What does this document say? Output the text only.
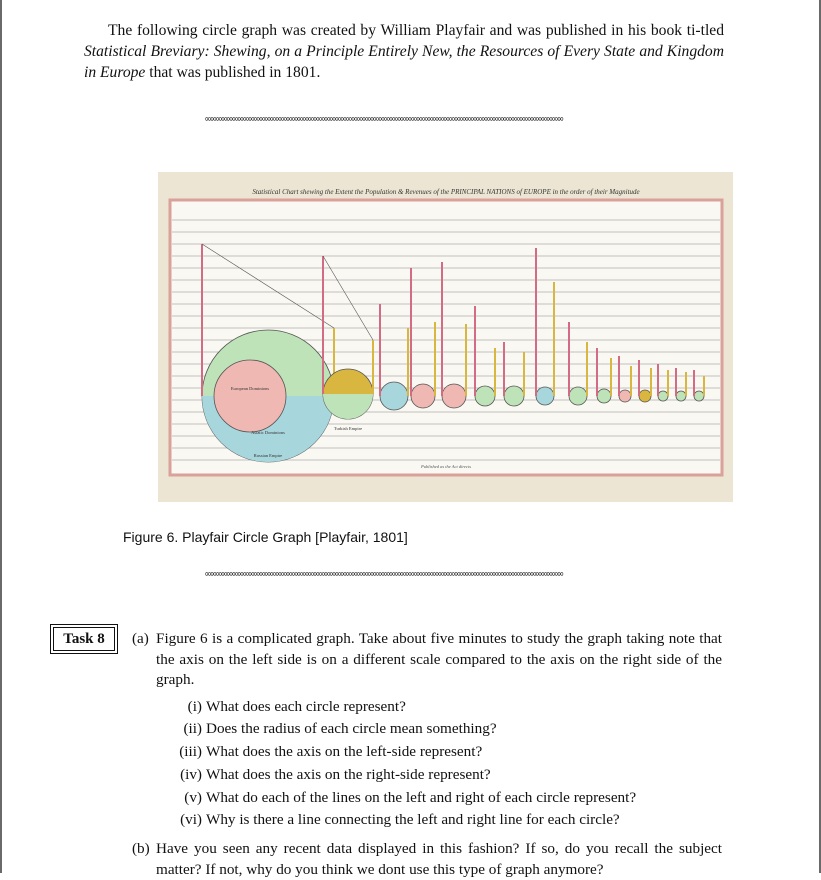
The following circle graph was created by William Playfair and was published in his book ti-tled Statistical Breviary: Shewing, on a Principle Entirely New, the Resources of Every State and Kingdom in Europe that was published in 1801.

∞∞∞∞∞∞∞∞∞∞∞∞∞∞∞∞∞∞∞∞∞∞∞∞∞∞∞∞∞∞∞∞∞∞∞∞∞∞∞∞∞∞∞∞∞∞∞∞∞∞∞∞∞∞∞∞∞∞∞∞∞∞∞∞∞∞
Statistical Chart shewing the Extent the Population & Revenues of the PRINCIPAL NATIONS of EUROPE in the order of their Magnitude
European Dominions
Asiatic Dominions
Russian Empire
Turkish Empire
Published as the Act directs
Figure 6. Playfair Circle Graph [Playfair, 1801]
∞∞∞∞∞∞∞∞∞∞∞∞∞∞∞∞∞∞∞∞∞∞∞∞∞∞∞∞∞∞∞∞∞∞∞∞∞∞∞∞∞∞∞∞∞∞∞∞∞∞∞∞∞∞∞∞∞∞∞∞∞∞∞∞∞∞
Task 8	(a) Figure 6 is a complicated graph. Take about five minutes to study the graph taking note that the axis on the left side is on a different scale compared to the axis on the right side of the graph.
(i) What does each circle represent?
(ii) Does the radius of each circle mean something?
(iii) What does the axis on the left-side represent?
(iv) What does the axis on the right-side represent?
(v) What do each of the lines on the left and right of each circle represent?
(vi) Why is there a line connecting the left and right line for each circle?
(b) Have you seen any recent data displayed in this fashion? If so, do you recall the subject matter? If not, why do you think we dont use this type of graph anymore?
